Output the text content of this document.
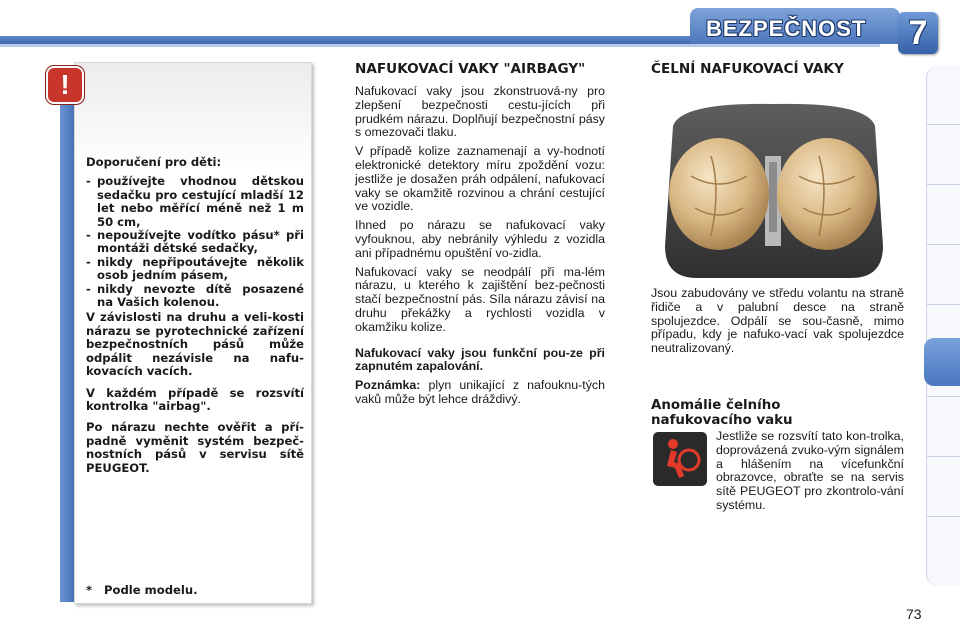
BEZPEČNOST	7
!

Doporučení pro děti:

- používejte vhodnou dětskou sedačku pro cestující mladší 12 let nebo měřící méně než 1 m 50 cm,
- nepoužívejte vodítko pásu* při montáži dětské sedačky,
- nikdy nepřipoutávejte několik osob jedním pásem,
- nikdy nevozte dítě posazené na Vašich kolenou.

V závislosti na druhu a veli-kosti nárazu se pyrotechnické zařízení bezpečnostních pásů může odpálit nezávisle na nafu-kovacích vacích.

V každém případě se rozsvítí kontrolka "airbag".

Po nárazu nechte ověřit a pří-padně vyměnit systém bezpeč-nostních pásů v servisu sítě PEUGEOT.

* Podle modelu.
NAFUKOVACÍ VAKY "AIRBAGY"

Nafukovací vaky jsou zkonstruová-ny pro zlepšení bezpečnosti cestu-jících při prudkém nárazu. Doplňují bezpečnostní pásy s omezovači tlaku.

V případě kolize zaznamenají a vy-hodnotí elektronické detektory míru zpoždění vozu: jestliže je dosažen práh odpálení, nafukovací vaky se okamžitě rozvinou a chrání cestující ve vozidle.

Ihned po nárazu se nafukovací vaky vyfouknou, aby nebránily výhledu z vozidla ani případnému opuštění vo-zidla.

Nafukovací vaky se neodpálí při ma-lém nárazu, u kterého k zajištění bez-pečnosti stačí bezpečnostní pás. Síla nárazu závisí na druhu překážky a rychlosti vozidla v okamžiku kolize.

Nafukovací vaky jsou funkční pou-ze při zapnutém zapalování.

Poznámka: plyn unikající z nafouknu-tých vaků může být lehce dráždivý.

ČELNÍ NAFUKOVACÍ VAKY

Jsou zabudovány ve středu volantu na straně řidiče a v palubní desce na straně spolujezdce. Odpálí se sou-časně, mimo případu, kdy je nafuko-vací vak spolujezdce neutralizovaný.

Anomálie čelního nafukovacího vaku

Jestliže se rozsvítí tato kon-trolka, doprovázená zvuko-vým signálem a hlášením na vícefunkční obrazovce, obraťte se na servis sítě PEUGEOT pro zkontrolo-vání systému.

73
